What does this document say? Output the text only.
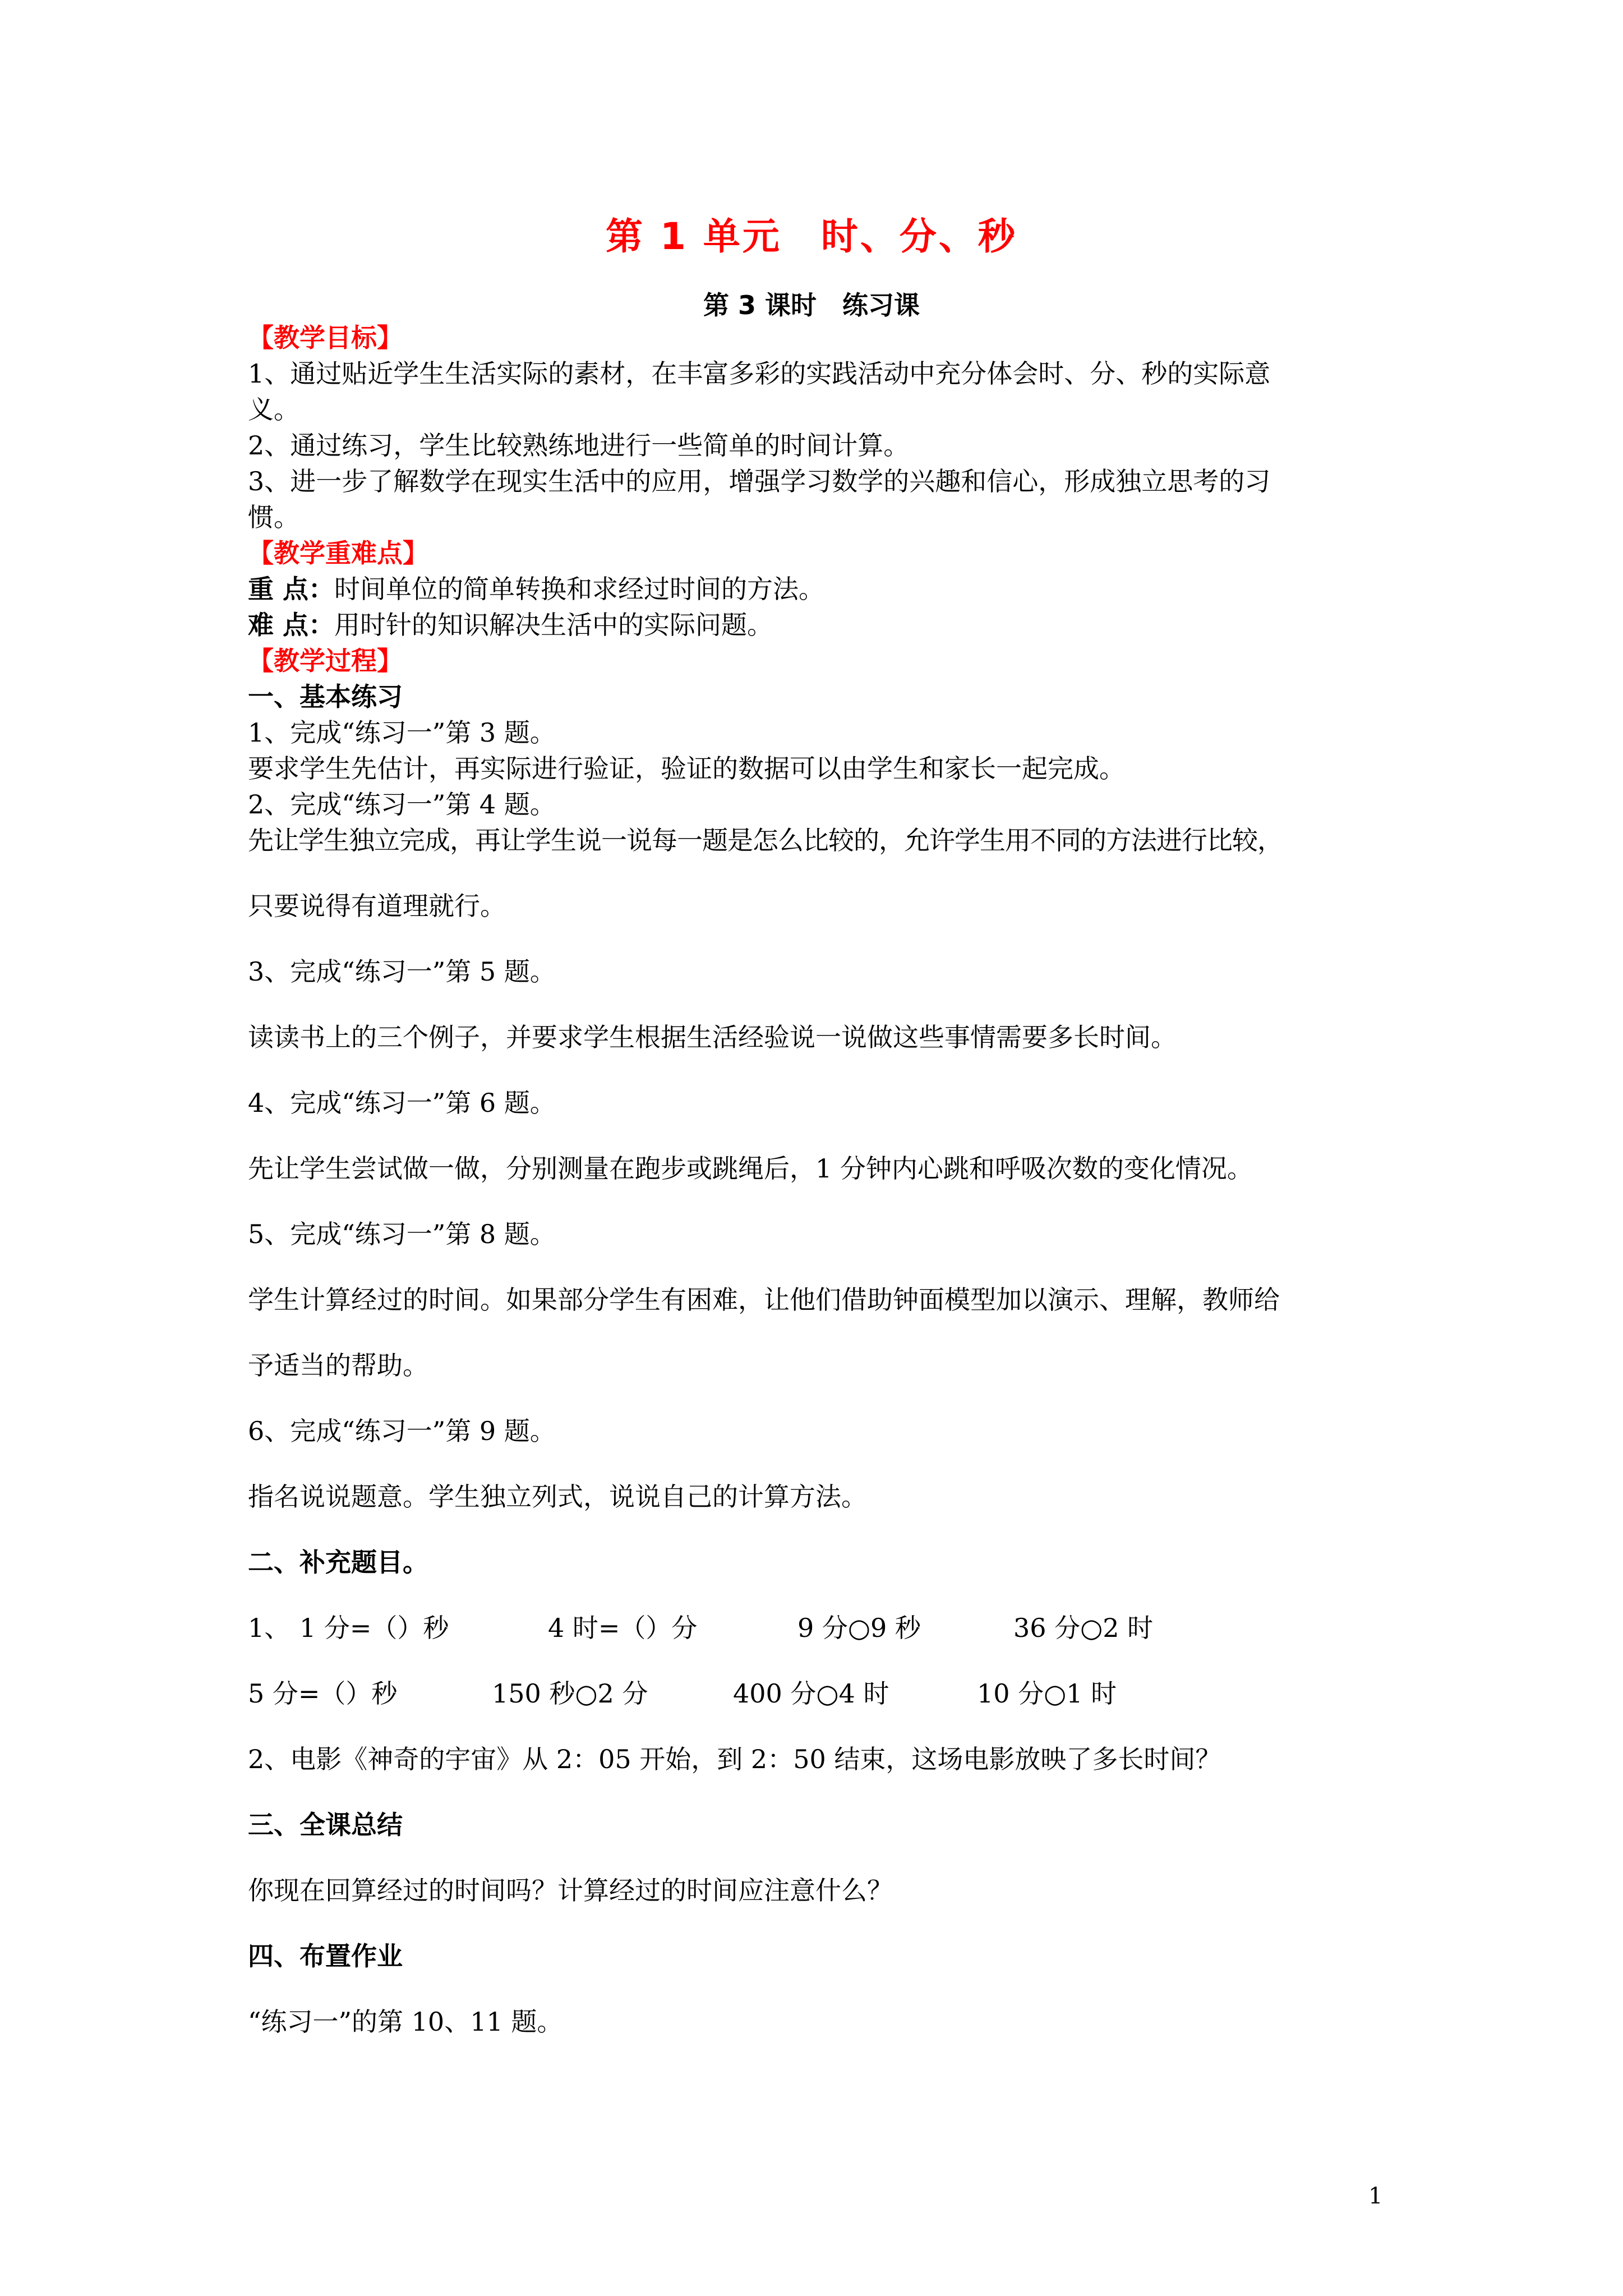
第 1 单元　时、分、秒
第 3 课时　练习课

【教学目标】

1、通过贴近学生生活实际的素材，在丰富多彩的实践活动中充分体会时、分、秒的实际意

义。

2、通过练习，学生比较熟练地进行一些简单的时间计算。

3、进一步了解数学在现实生活中的应用，增强学习数学的兴趣和信心，形成独立思考的习

惯。

【教学重难点】

重 点：时间单位的简单转换和求经过时间的方法。

难 点：用时针的知识解决生活中的实际问题。

【教学过程】

一、基本练习

1、完成“练习一”第 3 题。

要求学生先估计，再实际进行验证，验证的数据可以由学生和家长一起完成。

2、完成“练习一”第 4 题。

先让学生独立完成，再让学生说一说每一题是怎么比较的，允许学生用不同的方法进行比较，

只要说得有道理就行。

3、完成“练习一”第 5 题。

读读书上的三个例子，并要求学生根据生活经验说一说做这些事情需要多长时间。

4、完成“练习一”第 6 题。

先让学生尝试做一做，分别测量在跑步或跳绳后，1 分钟内心跳和呼吸次数的变化情况。

5、完成“练习一”第 8 题。

学生计算经过的时间。如果部分学生有困难，让他们借助钟面模型加以演示、理解，教师给

予适当的帮助。

6、完成“练习一”第 9 题。

指名说说题意。学生独立列式，说说自己的计算方法。

二、补充题目。

1、 1 分=（）秒	4 时=（）分	9 分○9 秒	36 分○2 时
5 分=（）秒	150 秒○2 分	400 分○4 时	10 分○1 时

2、电影《神奇的宇宙》从 2：05 开始，到 2：50 结束，这场电影放映了多长时间？

三、全课总结

你现在回算经过的时间吗？计算经过的时间应注意什么？

四、布置作业

“练习一”的第 10、11 题。

1
